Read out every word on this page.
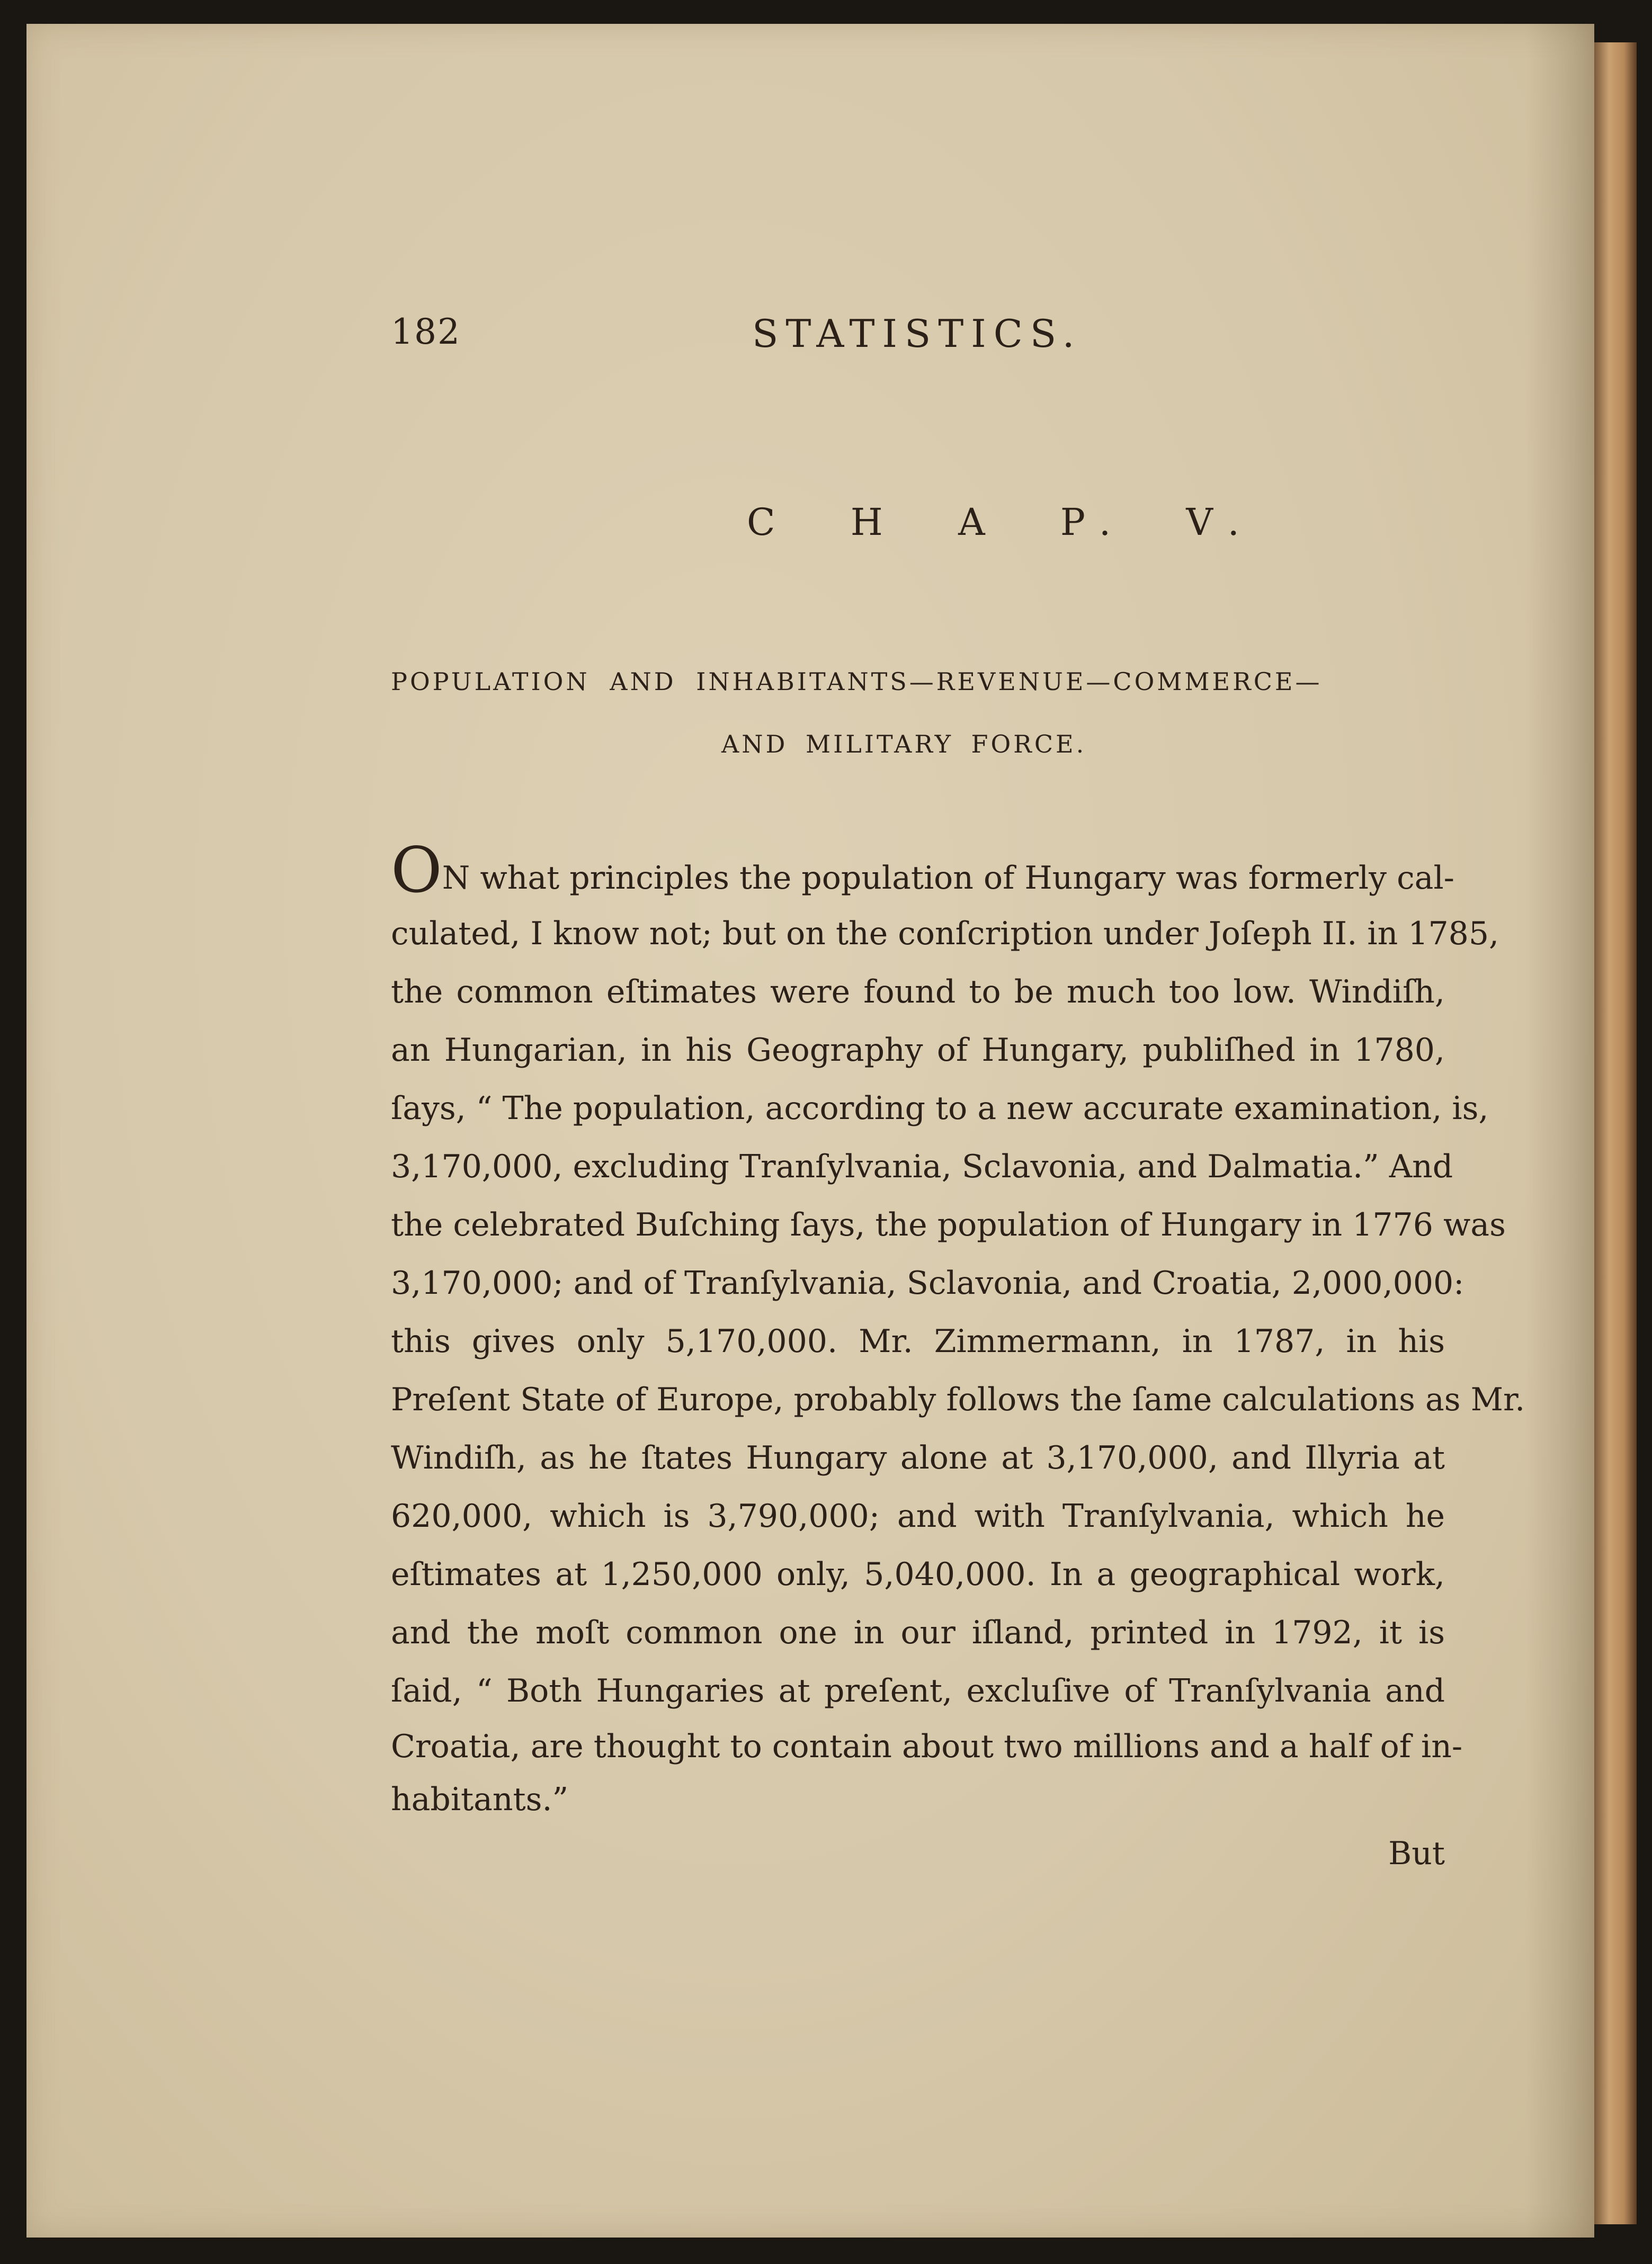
182	STATISTICS.
C H A P. V.
POPULATION AND INHABITANTS—REVENUE—COMMERCE—
AND MILITARY FORCE.
ON what principles the population of Hungary was formerly cal-
culated, I know not; but on the conſcription under Joſeph II. in 1785,
the common eſtimates were found to be much too low. Windiſh,
an Hungarian, in his Geography of Hungary, publiſhed in 1780,
ſays, “ The population, according to a new accurate examination, is,
3,170,000, excluding Tranſylvania, Sclavonia, and Dalmatia.” And
the celebrated Buſching ſays, the population of Hungary in 1776 was
3,170,000; and of Tranſylvania, Sclavonia, and Croatia, 2,000,000:
this gives only 5,170,000. Mr. Zimmermann, in 1787, in his
Preſent State of Europe, probably follows the ſame calculations as Mr.
Windiſh, as he ſtates Hungary alone at 3,170,000, and Illyria at
620,000, which is 3,790,000; and with Tranſylvania, which he
eſtimates at 1,250,000 only, 5,040,000. In a geographical work,
and the moſt common one in our iſland, printed in 1792, it is
ſaid, “ Both Hungaries at preſent, excluſive of Tranſylvania and
Croatia, are thought to contain about two millions and a half of in-
habitants.”
But
